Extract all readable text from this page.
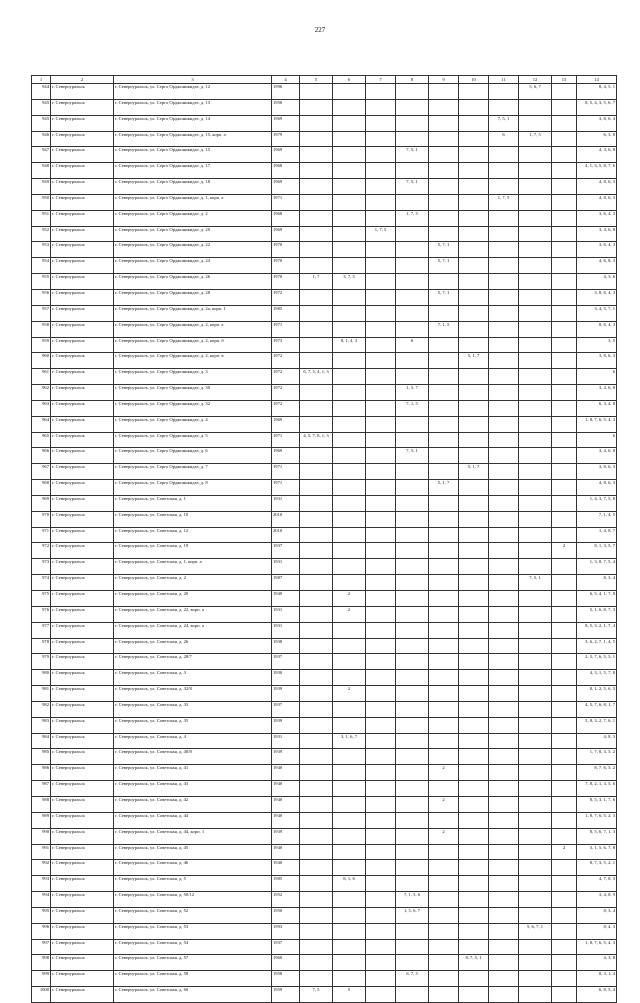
227
1	2	3	4	5	6	7	8	9	10	11	12	13	14
944	г. Североуральск	г. Североуральск, ул. Серго Орджоникидзе, д. 12	1996								5, 6, 7		8, 4, 5, 1
945	г. Североуральск	г. Североуральск, ул. Серго Орджоникидзе, д. 13	1956										8, 5, 4, 3, 5, 6, 7
945	г. Североуральск	г. Североуральск, ул. Серго Орджоникидзе, д. 14	1969							7, 5, 1			3, 8, 6, 4
946	г. Североуральск	г. Североуральск, ул. Серго Орджоникидзе, д. 15, корп. а	1979							6	1, 7, 5		6, 3, 8
947	г. Североуральск	г. Североуральск, ул. Серго Орджоникидзе, д. 15	1969				7, 5, 1						4, 3, 6, 8
948	г. Североуральск	г. Североуральск, ул. Серго Орджоникидзе, д. 17	1968										4, 1, 3, 5, 8, 7, 6
949	г. Североуральск	г. Североуральск, ул. Серго Орджоникидзе, д. 18	1969				7, 5, 1						4, 8, 6, 3
950	г. Североуральск	г. Североуральск, ул. Серго Орджоникидзе, д. 1, корп. а	1971							1, 7, 5			4, 8, 6, 3
951	г. Североуральск	г. Североуральск, ул. Серго Орджоникидзе, д. 2	1968				1, 7, 5						3, 6, 4, 3
952	г. Североуральск	г. Североуральск, ул. Серго Орджоникидзе, д. 20	1969			1, 7, 5							3, 4, 6, 8
953	г. Североуральск	г. Североуральск, ул. Серго Орджоникидзе, д. 22	1970					5, 7, 1					3, 6, 4, 3
954	г. Североуральск	г. Североуральск, ул. Серго Орджоникидзе, д. 24	1970					5, 7, 1					4, 6, 8, 3
955	г. Североуральск	г. Североуральск, ул. Серго Орджоникидзе, д. 26	1970	1, 7	3, 7, 5								4, 3, 6
956	г. Североуральск	г. Североуральск, ул. Серго Орджоникидзе, д. 28	1972					5, 7, 1					3, 8, 6, 4, 3
957	г. Североуральск	г. Североуральск, ул. Серго Орджоникидзе, д. 2а, корп. 1	1985										3, 4, 5, 7, 1
958	г. Североуральск	г. Североуральск, ул. Серго Орджоникидзе, д. 2, корп. а	1971					7, 1, 5					8, 6, 4, 3
959	г. Североуральск	г. Североуральск, ул. Серго Орджоникидзе, д. 2, корп. б	1973		8, 1, 4, 3		6						3, 5
960	г. Североуральск	г. Североуральск, ул. Серго Орджоникидзе, д. 2, корп. в	1972						5, 1, 7				3, 8, 6, 3
961	г. Североуральск	г. Североуральск, ул. Серго Орджоникидзе, д. 3	1972	6, 7, 5, 4, 1, 3									6
962	г. Североуральск	г. Североуральск, ул. Серго Орджоникидзе, д. 30	1972				1, 5, 7						3, 4, 6, 8
963	г. Североуральск	г. Североуральск, ул. Серго Орджоникидзе, д. 32	1972				7, 1, 5						6, 3, 4, 8
964	г. Североуральск	г. Североуральск, ул. Серго Орджоникидзе, д. 4	1969										1, 8, 7, 6, 5, 4, 3
965	г. Североуральск	г. Североуральск, ул. Серго Орджоникидзе, д. 5	1971	4, 5, 7, 8, 1, 3									6
966	г. Североуральск	г. Североуральск, ул. Серго Орджоникидзе, д. 6	1969				7, 5, 1						3, 4, 6, 8
967	г. Североуральск	г. Североуральск, ул. Серго Орджоникидзе, д. 7	1971						5, 1, 7				3, 8, 6, 3
968	г. Североуральск	г. Североуральск, ул. Серго Орджоникидзе, д. 8	1971					5, 1, 7					4, 8, 6, 3
969	г. Североуральск	г. Североуральск, ул. Советская, д. 1	1931										1, 4, 3, 7, 5, 8
970	г. Североуральск	г. Североуральск, ул. Советская, д. 10	2010										7, 1, 4, 5
971	г. Североуральск	г. Североуральск, ул. Советская, д. 12	2010										1, 4, 8, 7
972	г. Североуральск	г. Североуральск, ул. Советская, д. 19	1937									2	8, 1, 3, 5, 7
973	г. Североуральск	г. Североуральск, ул. Советская, д. 1, корп. а	1931										1, 3, 8, 7, 5, 4
974	г. Североуральск	г. Североуральск, ул. Советская, д. 2	1987								7, 5, 1		8, 3, 4
975	г. Североуральск	г. Североуральск, ул. Советская, д. 20	1940		2								6, 5, 4, 1, 7, 8
976	г. Североуральск	г. Североуральск, ул. Советская, д. 22, корп. а	1931		2								5, 1, 6, 8, 7, 3
977	г. Североуральск	г. Североуральск, ул. Советская, д. 24, корп. а	1931										8, 5, 3, 2, 1, 7, 4
978	г. Североуральск	г. Североуральск, ул. Советская, д. 26	1938										3, 6, 2, 7, 1, 4, 5
979	г. Североуральск	г. Североуральск, ул. Советская, д. 28/7	1937										2, 5, 7, 6, 5, 3, 1
980	г. Североуральск	г. Североуральск, ул. Советская, д. 3	1930										4, 3, 1, 5, 7, 8
981	г. Североуральск	г. Североуральск, ул. Советская, д. 32/8	1939		2								8, 1, 2, 5, 6, 3
982	г. Североуральск	г. Североуральск, ул. Советская, д. 33	1937										4, 5, 7, 6, 8, 1, 7
983	г. Североуральск	г. Североуральск, ул. Советская, д. 35	1939										5, 8, 3, 2, 7, 6, 1
984	г. Североуральск	г. Североуральск, ул. Советская, д. 4	1931		3, 1, 6, 7								4, 8, 3
985	г. Североуральск	г. Североуральск, ул. Советская, д. 40/8	1939										1, 7, 8, 3, 5, 2
986	г. Североуральск	г. Североуральск, ул. Советская, д. 41	1940					2					8, 7, 6, 5, 2
987	г. Североуральск	г. Североуральск, ул. Советская, д. 43	1940										7, 8, 2, 1, 3, 5, 6
988	г. Североуральск	г. Североуральск, ул. Советская, д. 42	1940					2					8, 5, 3, 1, 7, 6
989	г. Североуральск	г. Североуральск, ул. Советская, д. 44	1940										1, 8, 7, 6, 5, 2, 3
990	г. Североуральск	г. Североуральск, ул. Советская, д. 44, корп. 1	1939					2					8, 5, 6, 7, 1, 3
991	г. Североуральск	г. Североуральск, ул. Советская, д. 45	1940									2	3, 1, 5, 6, 7, 8
992	г. Североуральск	г. Североуральск, ул. Советская, д. 46	1940										8, 7, 3, 5, 2, 1
993	г. Североуральск	г. Североуральск, ул. Советская, д. 5	1985		8, 1, 6								4, 7, 8, 3
994	г. Североуральск	г. Североуральск, ул. Советская, д. 50/12	1952				7, 1, 5, 6						3, 4, 8, 9
995	г. Североуральск	г. Североуральск, ул. Советская, д. 52	1950				1, 5, 6, 7						8, 3, 4
996	г. Североуральск	г. Североуральск, ул. Советская, д. 53	1993								5, 6, 7, 1		8, 4, 3
997	г. Североуральск	г. Североуральск, ул. Советская, д. 54	1937										1, 8, 7, 6, 5, 4, 3
998	г. Североуральск	г. Североуральск, ул. Советская, д. 57	1960						8, 7, 5, 1				4, 3, 8
999	г. Североуральск	г. Североуральск, ул. Советская, д. 58	1958				6, 7, 5						8, 3, 1, 4
1000	г. Североуральск	г. Североуральск, ул. Советская, д. 60	1959	7, 5	5								6, 8, 5, 4
